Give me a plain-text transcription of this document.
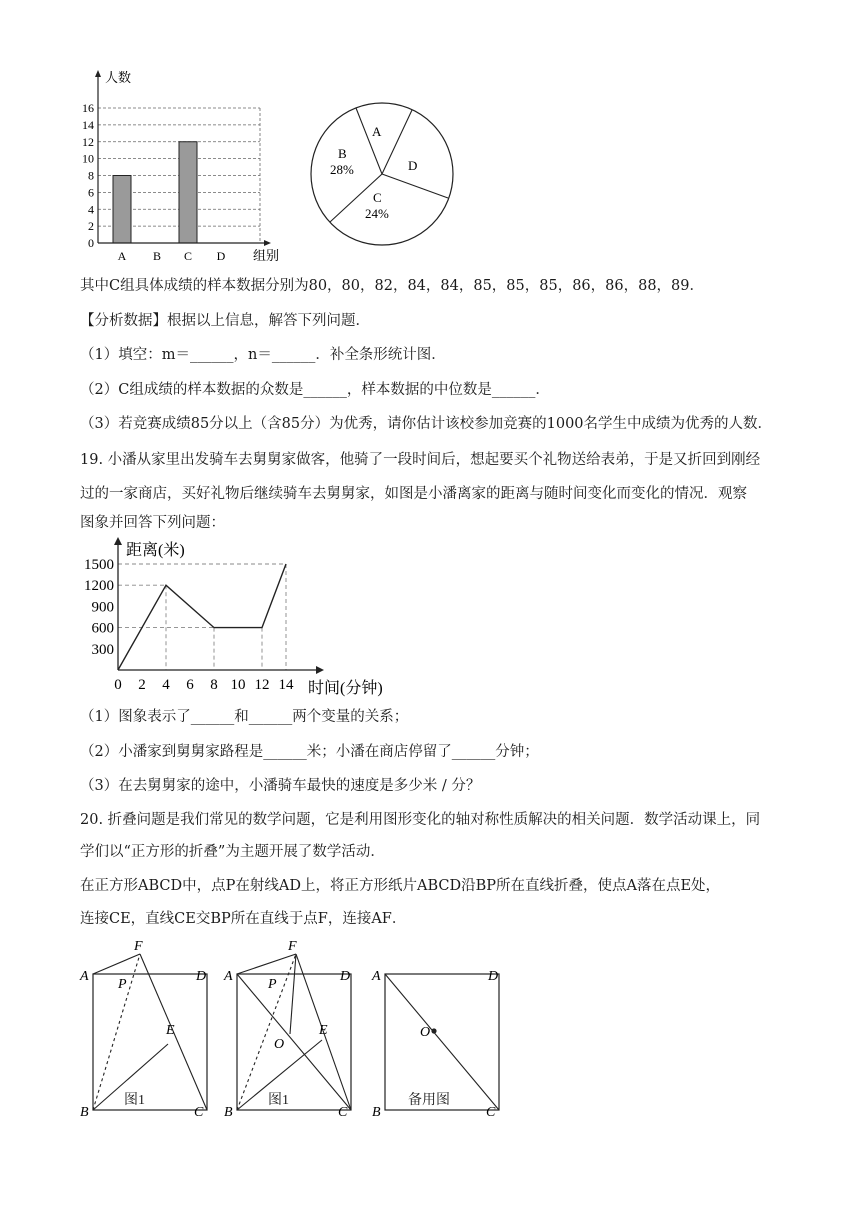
人数
组别
0
2
4
6
8
10
12
14
16
A B C D
A
B
28%
C
24%
D
其中C组具体成绩的样本数据分别为80，80，82，84，84，85，85，85，86，86，88，89．
【分析数据】根据以上信息，解答下列问题．
（1）填空：m＝______，n＝______．补全条形统计图．
（2）C组成绩的样本数据的众数是______，样本数据的中位数是______．
（3）若竞赛成绩85分以上（含85分）为优秀，请你估计该校参加竞赛的1000名学生中成绩为优秀的人数．
19. 小潘从家里出发骑车去舅舅家做客，他骑了一段时间后，想起要买个礼物送给表弟，于是又折回到刚经
过的一家商店，买好礼物后继续骑车去舅舅家，如图是小潘离家的距离与随时间变化而变化的情况．观察
图象并回答下列问题：
距离(米)
时间(分钟)
300
600
900
1200
1500
0 2 4 6 8 10 12 14
（1）图象表示了______和______两个变量的关系；
（2）小潘家到舅舅家路程是______米；小潘在商店停留了______分钟；
（3）在去舅舅家的途中，小潘骑车最快的速度是多少米 / 分？
20. 折叠问题是我们常见的数学问题，它是利用图形变化的轴对称性质解决的相关问题．数学活动课上，同
学们以“正方形的折叠”为主题开展了数学活动．
在正方形ABCD中，点P在射线AD上，将正方形纸片ABCD沿BP所在直线折叠，使点A落在点E处，
连接CE，直线CE交BP所在直线于点F，连接AF．
A
F
D
P
E
B	C
图1
A
F
D
P
E
O
B	C
图1
A	D
O
B	C
备用图
